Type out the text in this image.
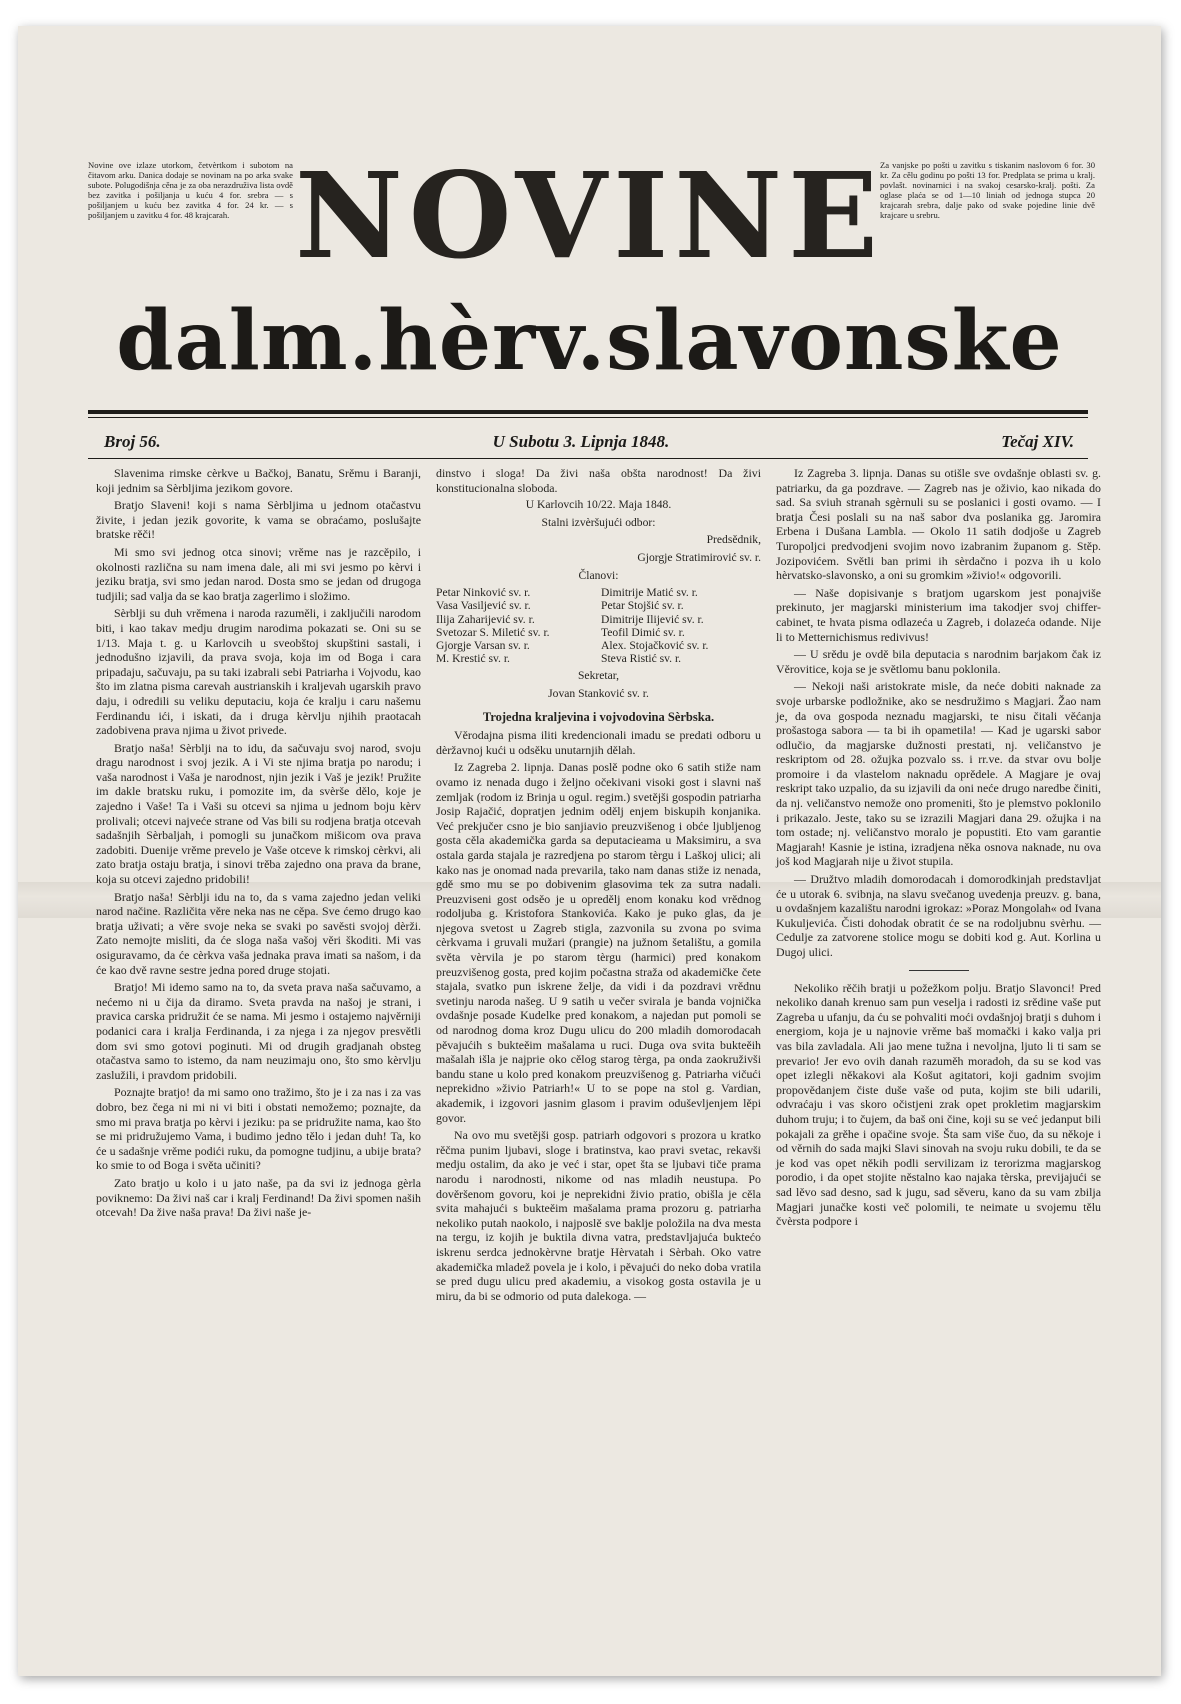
Novine ove izlaze utorkom, četvèrtkom i subotom na čitavom arku. Danica dodaje se novinam na po arka svake subote. Polugodišnja cěna je za oba nerazdruživa lista ovdě bez zavitka i pošiljanja u kuću 4 for. srebra — s pošiljanjem u kuću bez zavitka 4 for. 24 kr. — s pošiljanjem u zavitku 4 for. 48 krajcarah.
Za vanjske po pošti u zavitku s tiskanim naslovom 6 for. 30 kr. Za cělu godinu po pošti 13 for. Predplata se prima u kralj. povlašt. novinarnici i na svakoj cesarsko-kralj. pošti. Za oglase plaća se od 1—10 liniah od jednoga stupca 20 krajcarah srebra, dalje pako od svake pojedine linie dvě krajcare u srebru.
NOVINE
dalm.hèrv.slavonske
Broj 56.	U Subotu 3. Lipnja 1848.	Tečaj XIV.

Slavenima rimske cèrkve u Bačkoj, Banatu, Srěmu i Baranji, koji jednim sa Sèrbljima jezikom govore.

Bratjo Slaveni! koji s nama Sèrbljima u jednom otačastvu živite, i jedan jezik govorite, k vama se obraćamo, poslušajte bratske rěči!

Mi smo svi jednog otca sinovi; vrěme nas je razcěpilo, i okolnosti različna su nam imena dale, ali mi svi jesmo po kèrvi i jeziku bratja, svi smo jedan narod. Dosta smo se jedan od drugoga tudjili; sad valja da se kao bratja zagerlimo i složimo.

Sèrblji su duh vrěmena i naroda razuměli, i zaključili narodom biti, i kao takav medju drugim narodima pokazati se. Oni su se 1/13. Maja t. g. u Karlovcih u sveobštoj skupštini sastali, i jednodušno izjavili, da prava svoja, koja im od Boga i cara pripadaju, sačuvaju, pa su taki izabrali sebi Patriarha i Vojvodu, kao što im zlatna pisma carevah austrianskih i kraljevah ugarskih pravo daju, i odredili su veliku deputaciu, koja će kralju i caru našemu Ferdinandu ići, i iskati, da i druga kèrvlju njihih praotacah zadobivena prava njima u život privede.

Bratjo naša! Sèrblji na to idu, da sačuvaju svoj narod, svoju dragu narodnost i svoj jezik. A i Vi ste njima bratja po narodu; i vaša narodnost i Vaša je narodnost, njin jezik i Vaš je jezik! Pružite im dakle bratsku ruku, i pomozite im, da svèrše dělo, koje je zajedno i Vaše! Ta i Vaši su otcevi sa njima u jednom boju kèrv prolivali; otcevi najveće strane od Vas bili su rodjena bratja otcevah sadašnjih Sèrbaljah, i pomogli su junačkom mišicom ova prava zadobiti. Duenije vrěme prevelo je Vaše otceve k rimskoj cèrkvi, ali zato bratja ostaju bratja, i sinovi trěba zajedno ona prava da brane, koja su otcevi zajedno pridobili!

Bratjo naša! Sèrblji idu na to, da s vama zajedno jedan veliki narod načine. Različita věre neka nas ne cěpa. Sve ćemo drugo kao bratja uživati; a věre svoje neka se svaki po savěsti svojoj dèrži. Zato nemojte misliti, da će sloga naša vašoj věri škoditi. Mi vas osiguravamo, da će cèrkva vaša jednaka prava imati sa našom, i da će kao dvě ravne sestre jedna pored druge stojati.

Bratjo! Mi idemo samo na to, da sveta prava naša sačuvamo, a nećemo ni u čija da diramo. Sveta pravda na našoj je strani, i pravica carska pridružit će se nama. Mi jesmo i ostajemo najvěrniji podanici cara i kralja Ferdinanda, i za njega i za njegov presvětli dom svi smo gotovi poginuti. Mi od drugih gradjanah obsteg otačastva samo to istemo, da nam neuzimaju ono, što smo kèrvlju zaslužili, i pravdom pridobili.

Poznajte bratjo! da mi samo ono tražimo, što je i za nas i za vas dobro, bez čega ni mi ni vi biti i obstati nemožemo; poznajte, da smo mi prava bratja po kèrvi i jeziku: pa se pridružite nama, kao što se mi pridružujemo Vama, i budimo jedno tělo i jedan duh! Ta, ko će u sadašnje vrěme podići ruku, da pomogne tudjinu, a ubije brata? ko smie to od Boga i světa učiniti?

Zato bratjo u kolo i u jato naše, pa da svi iz jednoga gèrla poviknemo: Da živi naš car i kralj Ferdinand! Da živi spomen naših otcevah! Da žive naša prava! Da živi naše je-

dinstvo i sloga! Da živi naša obšta narodnost! Da živi konstitucionalna sloboda.

U Karlovcih 10/22. Maja 1848.

Stalni izvèršujući odbor:

Predsědnik,

Gjorgje Stratimirović sv. r.

Članovi:

Petar Ninković sv. r.
Vasa Vasiljević sv. r.
Ilija Zaharijević sv. r.
Svetozar S. Miletić sv. r.
Gjorgje Varsan sv. r.
M. Krestić sv. r.
Dimitrije Matić sv. r.
Petar Stojšić sv. r.
Dimitrije Ilijević sv. r.
Teofil Dimić sv. r.
Alex. Stojačković sv. r.
Steva Ristić sv. r.

Sekretar,

Jovan Stanković sv. r.

Trojedna kraljevina i vojvodovina Sèrbska.

Věrodajna pisma iliti kredencionali imadu se predati odboru u dèržavnoj kući u odsěku unutarnjih dělah.

Iz Zagreba 2. lipnja. Danas poslě podne oko 6 satih stiže nam ovamo iz nenada dugo i željno očekivani visoki gost i slavni naš zemljak (rodom iz Brinja u ogul. regim.) svetějši gospodin patriarha Josip Rajačić, dopratjen jednim odělj enjem biskupih konjanika. Već prekjučer csno je bio sanjiavio preuzvišenog i obće ljubljenog gosta cěla akademička garda sa deputacieama u Maksimiru, a sva ostala garda stajala je razredjena po starom tèrgu i Laškoj ulici; ali kako nas je onomad nada prevarila, tako nam danas stiže iz nenada, gdě smo mu se po dobivenim glasovima tek za sutra nadali. Preuzviseni gost odsěo je u opredělj enom konaku kod vrědnog rodoljuba g. Kristofora Stankovića. Kako je puko glas, da je njegova svetost u Zagreb stigla, zazvonila su zvona po svima cèrkvama i gruvali mužari (prangie) na južnom šetalištu, a gomila světa vèrvila je po starom tèrgu (harmici) pred konakom preuzvišenog gosta, pred kojim počastna straža od akademičke čete stajala, svatko pun iskrene želje, da vidi i da pozdravi vrědnu svetinju naroda našeg. U 9 satih u večer svirala je banda vojnička ovdašnje posade Kudelke pred konakom, a najedan put pomoli se od narodnog doma kroz Dugu ulicu do 200 mladih domorodacah pěvajućih s bukteěim mašalama u ruci. Duga ova svita bukteěih mašalah išla je najprie oko cělog starog tèrga, pa onda zaokruživši bandu stane u kolo pred konakom preuzvišenog g. Patriarha vičući neprekidno »živio Patriarh!« U to se pope na stol g. Vardian, akademik, i izgovori jasnim glasom i pravim oduševljenjem lěpi govor.

Na ovo mu svetějši gosp. patriarh odgovori s prozora u kratko rěčma punim ljubavi, sloge i bratinstva, kao pravi svetac, rekavši medju ostalim, da ako je već i star, opet šta se ljubavi tiče prama narodu i narodnosti, nikome od nas mladih neustupa. Po dověršenom govoru, koi je neprekidni živio pratio, obišla je cěla svita mahajući s bukteěim mašalama prama prozoru g. patriarha nekoliko putah naokolo, i najposlě sve baklje položila na dva mesta na tergu, iz kojih je buktila divna vatra, predstavljajuća buktećo iskrenu serdca jednokèrvne bratje Hèrvatah i Sèrbah. Oko vatre akademička mladež povela je i kolo, i pěvajući do neko doba vratila se pred dugu ulicu pred akademiu, a visokog gosta ostavila je u miru, da bi se odmorio od puta dalekoga. —

Iz Zagreba 3. lipnja. Danas su otišle sve ovdašnje oblasti sv. g. patriarku, da ga pozdrave. — Zagreb nas je oživio, kao nikada do sad. Sa sviuh stranah sgèrnuli su se poslanici i gosti ovamo. — I bratja Česi poslali su na naš sabor dva poslanika gg. Jaromira Erbena i Dušana Lambla. — Okolo 11 satih dodjoše u Zagreb Turopoljci predvodjeni svojim novo izabranim županom g. Stěp. Jozipovićem. Světli ban primi ih sèrdačno i pozva ih u kolo hèrvatsko-slavonsko, a oni su gromkim »živio!« odgovorili.

— Naše dopisivanje s bratjom ugarskom jest ponajviše prekinuto, jer magjarski ministerium ima takodjer svoj chiffer-cabinet, te hvata pisma odlazeća u Zagreb, i dolazeća odande. Nije li to Metternichismus redivivus!

— U srědu je ovdě bila deputacia s narodnim barjakom čak iz Věrovitice, koja se je světlomu banu poklonila.

— Nekoji naši aristokrate misle, da neće dobiti naknade za svoje urbarske podložnike, ako se nesdružimo s Magjari. Žao nam je, da ova gospoda neznadu magjarski, te nisu čitali věćanja prošastoga sabora — ta bi ih opametila! — Kad je ugarski sabor odlučio, da magjarske dužnosti prestati, nj. veličanstvo je reskriptom od 28. ožujka pozvalo ss. i rr.ve. da stvar ovu bolje promoire i da vlastelom naknadu oprědele. A Magjare je ovaj reskript tako uzpalio, da su izjavili da oni neće drugo naredbe činiti, da nj. veličanstvo nemože ono promeniti, što je plemstvo poklonilo i prikazalo. Jeste, tako su se izrazili Magjari dana 29. ožujka i na tom ostade; nj. veličanstvo moralo je popustiti. Eto vam garantie Magjarah! Kasnie je istina, izradjena něka osnova naknade, nu ova još kod Magjarah nije u život stupila.

— Družtvo mladih domorodacah i domorodkinjah predstavljat će u utorak 6. svibnja, na slavu svečanog uvedenja preuzv. g. bana, u ovdašnjem kazalištu narodni igrokaz: »Poraz Mongolah« od Ivana Kukuljevića. Čisti dohodak obratit će se na rodoljubnu svèrhu. — Cedulje za zatvorene stolice mogu se dobiti kod g. Aut. Korlina u Dugoj ulici.

Nekoliko rěčih bratji u požežkom polju. Bratjo Slavonci! Pred nekoliko danah krenuo sam pun veselja i radosti iz srědine vaše put Zagreba u ufanju, da ću se pohvaliti moći ovdašnjoj bratji s duhom i energiom, koja je u najnovie vrěme baš momački i kako valja pri vas bila zavladala. Ali jao mene tužna i nevoljna, ljuto li ti sam se prevario! Jer evo ovih danah razuměh moradoh, da su se kod vas opet izlegli někakovi ala Košut agitatori, koji gadnim svojim propovědanjem čiste duše vaše od puta, kojim ste bili udarili, odvraćaju i vas skoro očistjeni zrak opet prokletim magjarskim duhom truju; i to čujem, da baš oni čine, koji su se već jedanput bili pokajali za grěhe i opačine svoje. Šta sam više čuo, da su někoje i od věrnih do sada majki Slavi sinovah na svoju ruku dobili, te da se je kod vas opet někih podli servilizam iz terorizma magjarskog porodio, i da opet stojite něstalno kao najaka tèrska, previjajući se sad lěvo sad desno, sad k jugu, sad sěveru, kano da su vam zbilja Magjari junačke kosti več polomili, te neimate u svojemu tělu čvèrsta podpore i
